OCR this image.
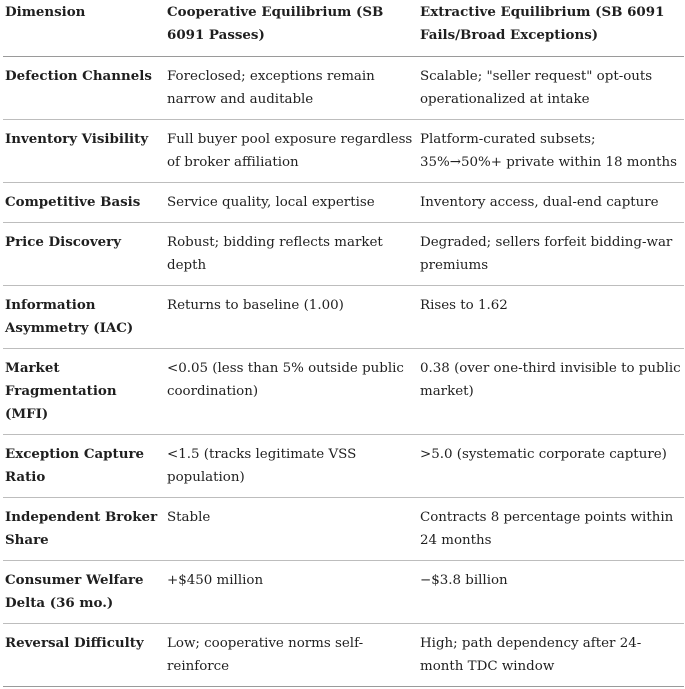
Dimension	Cooperative Equilibrium (SB 6091 Passes)	Extractive Equilibrium (SB 6091 Fails/Broad Exceptions)
Defection Channels	Foreclosed; exceptions remain narrow and auditable	Scalable; "seller request" opt-outs operationalized at intake
Inventory Visibility	Full buyer pool exposure regardless of broker affiliation	Platform-curated subsets; 35%→50%+ private within 18 months
Competitive Basis	Service quality, local expertise	Inventory access, dual-end capture
Price Discovery	Robust; bidding reflects market depth	Degraded; sellers forfeit bidding-war premiums
Information Asymmetry (IAC)	Returns to baseline (1.00)	Rises to 1.62
Market Fragmentation (MFI)	<0.05 (less than 5% outside public coordination)	0.38 (over one-third invisible to public market)
Exception Capture Ratio	<1.5 (tracks legitimate VSS population)	>5.0 (systematic corporate capture)
Independent Broker Share	Stable	Contracts 8 percentage points within 24 months
Consumer Welfare Delta (36 mo.)	+$450 million	−$3.8 billion
Reversal Difficulty	Low; cooperative norms self-reinforce	High; path dependency after 24-month TDC window
